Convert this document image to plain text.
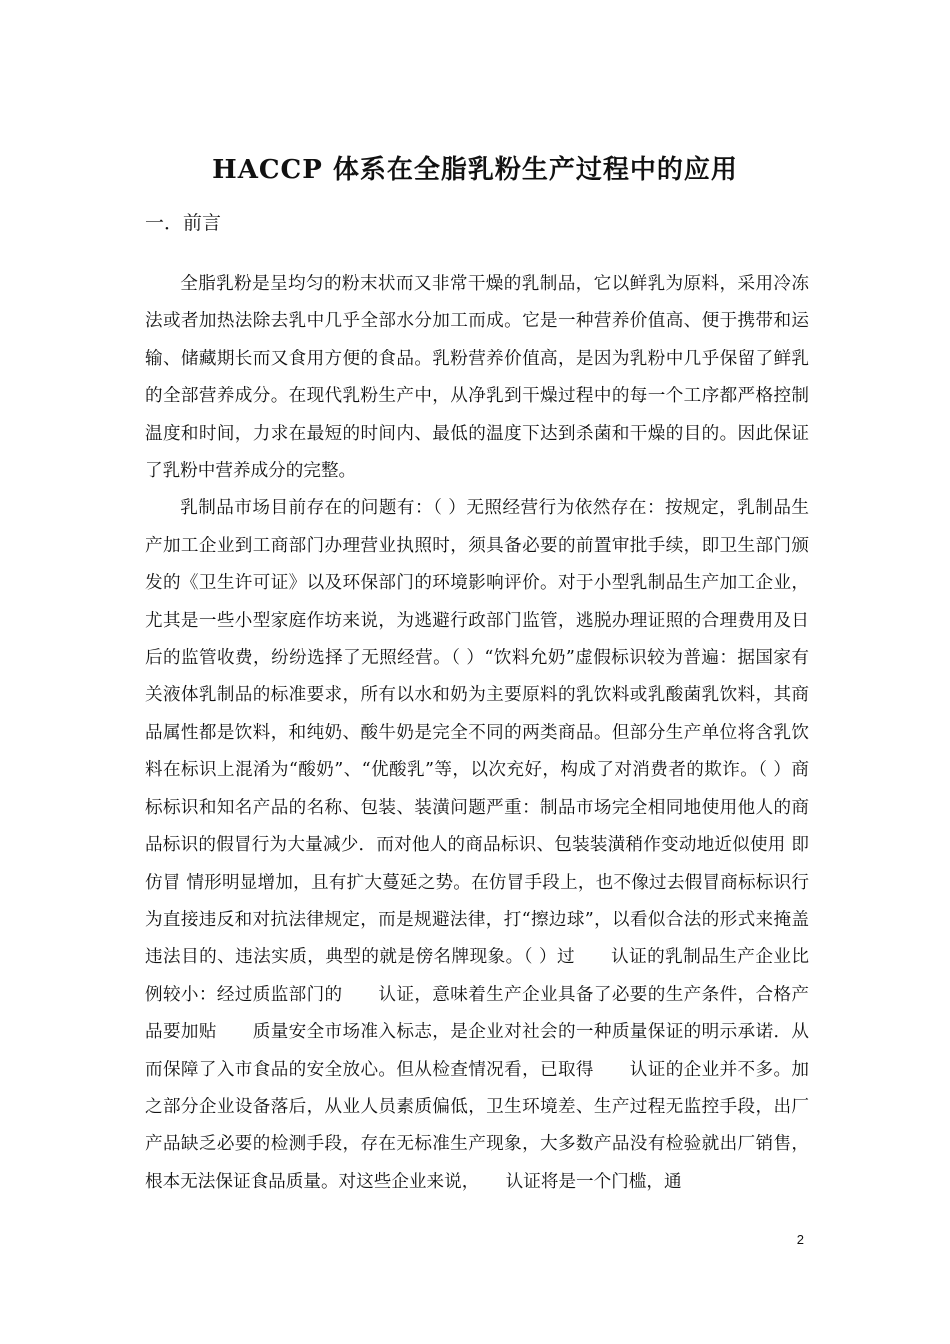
HACCP 体系在全脂乳粉生产过程中的应用
一．前言

全脂乳粉是呈均匀的粉末状而又非常干燥的乳制品，它以鲜乳为原料，采用冷冻法或者加热法除去乳中几乎全部水分加工而成。它是一种营养价值高、便于携带和运输、储藏期长而又食用方便的食品。乳粉营养价值高，是因为乳粉中几乎保留了鲜乳的全部营养成分。在现代乳粉生产中，从净乳到干燥过程中的每一个工序都严格控制温度和时间，力求在最短的时间内、最低的温度下达到杀菌和干燥的目的。因此保证了乳粉中营养成分的完整。

乳制品市场目前存在的问题有：（ ）无照经营行为依然存在：按规定，乳制品生产加工企业到工商部门办理营业执照时，须具备必要的前置审批手续，即卫生部门颁发的《卫生许可证》以及环保部门的环境影响评价。对于小型乳制品生产加工企业，尤其是一些小型家庭作坊来说，为逃避行政部门监管，逃脱办理证照的合理费用及日后的监管收费，纷纷选择了无照经营。（ ）“饮料允奶”虚假标识较为普遍：据国家有关液体乳制品的标准要求，所有以水和奶为主要原料的乳饮料或乳酸菌乳饮料，其商品属性都是饮料，和纯奶、酸牛奶是完全不同的两类商品。但部分生产单位将含乳饮料在标识上混淆为“酸奶”、“优酸乳”等，以次充好，构成了对消费者的欺诈。（ ）商标标识和知名产品的名称、包装、装潢问题严重：制品市场完全相同地使用他人的商品标识的假冒行为大量减少．而对他人的商品标识、包装装潢稍作变动地近似使用 即仿冒 情形明显增加，且有扩大蔓延之势。在仿冒手段上，也不像过去假冒商标标识行为直接违反和对抗法律规定，而是规避法律，打“擦边球”，以看似合法的形式来掩盖违法目的、违法实质，典型的就是傍名牌现象。（ ）过　　认证的乳制品生产企业比例较小：经过质监部门的　　认证，意味着生产企业具备了必要的生产条件，合格产品要加贴　　质量安全市场准入标志，是企业对社会的一种质量保证的明示承诺．从而保障了入市食品的安全放心。但从检查情况看，已取得　　认证的企业并不多。加之部分企业设备落后，从业人员素质偏低，卫生环境差、生产过程无监控手段，出厂产品缺乏必要的检测手段，存在无标准生产现象，大多数产品没有检验就出厂销售，根本无法保证食品质量。对这些企业来说，　　认证将是一个门槛，通

2
